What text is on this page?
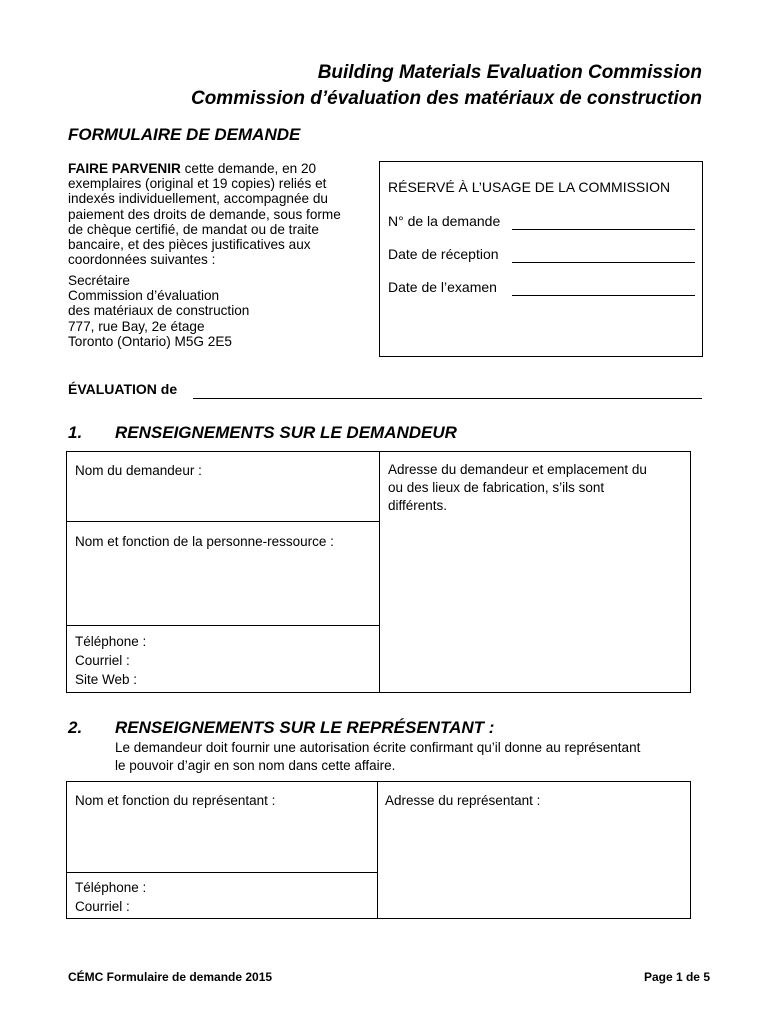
Building Materials Evaluation Commission
Commission d’évaluation des matériaux de construction
FORMULAIRE DE DEMANDE
FAIRE PARVENIR cette demande, en 20
exemplaires (original et 19 copies) reliés et
indexés individuellement, accompagnée du
paiement des droits de demande, sous forme
de chèque certifié, de mandat ou de traite
bancaire, et des pièces justificatives aux
coordonnées suivantes :
Secrétaire
Commission d’évaluation
des matériaux de construction
777, rue Bay, 2e étage
Toronto (Ontario) M5G 2E5
RÉSERVÉ À L’USAGE DE LA COMMISSION
N° de la demande
Date de réception
Date de l’examen
ÉVALUATION de
1. RENSEIGNEMENTS SUR LE DEMANDEUR
Nom du demandeur :
Nom et fonction de la personne-ressource :
Téléphone :
Courriel :
Site Web :
Adresse du demandeur et emplacement du
ou des lieux de fabrication, s’ils sont
différents.
2. RENSEIGNEMENTS SUR LE REPRÉSENTANT :
Le demandeur doit fournir une autorisation écrite confirmant qu’il donne au représentant
le pouvoir d’agir en son nom dans cette affaire.
Nom et fonction du représentant :
Téléphone :
Courriel :
Adresse du représentant :
CÉMC Formulaire de demande 2015	Page 1 de 5
